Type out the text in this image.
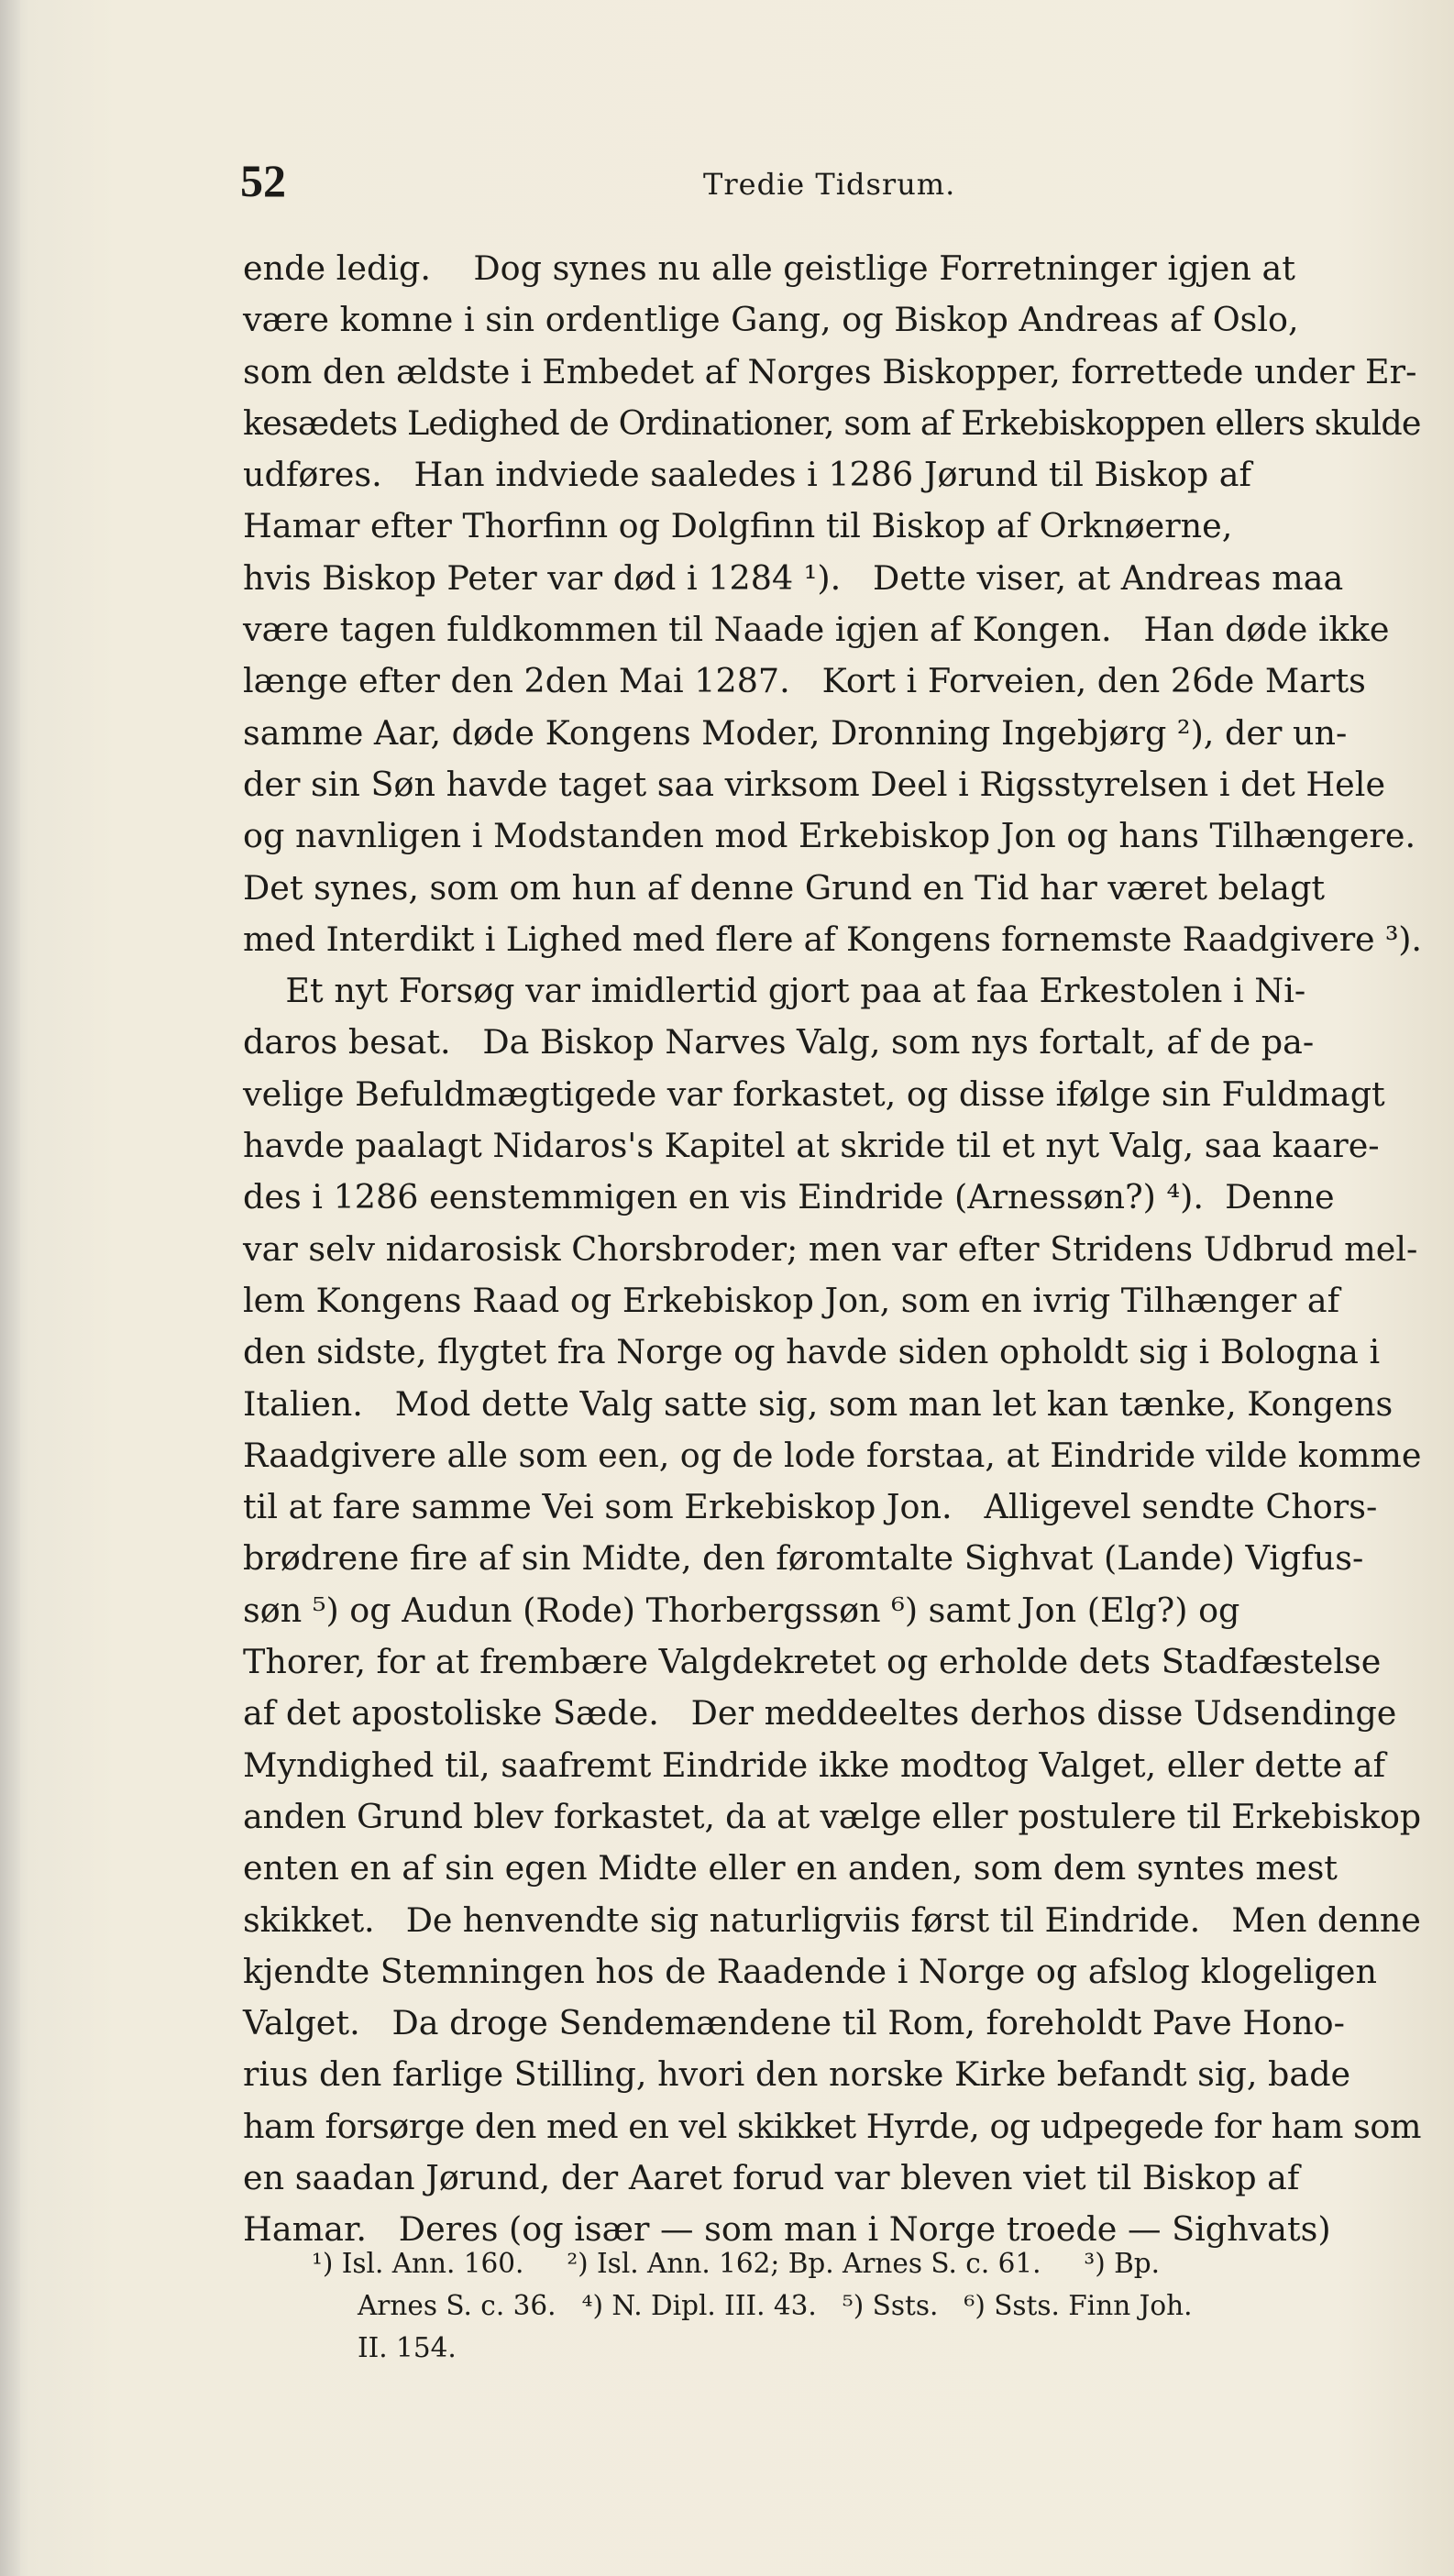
52	Tredie Tidsrum.
ende ledig.    Dog synes nu alle geistlige Forretninger igjen at
være komne i sin ordentlige Gang, og Biskop Andreas af Oslo,
som den ældste i Embedet af Norges Biskopper, forrettede under Er-
kesædets Ledighed de Ordinationer, som af Erkebiskoppen ellers skulde
udføres.   Han indviede saaledes i 1286 Jørund til Biskop af
Hamar efter Thorfinn og Dolgfinn til Biskop af Orknøerne,
hvis Biskop Peter var død i 1284 ¹).   Dette viser, at Andreas maa
være tagen fuldkommen til Naade igjen af Kongen.   Han døde ikke
længe efter den 2den Mai 1287.   Kort i Forveien, den 26de Marts
samme Aar, døde Kongens Moder, Dronning Ingebjørg ²), der un-
der sin Søn havde taget saa virksom Deel i Rigsstyrelsen i det Hele
og navnligen i Modstanden mod Erkebiskop Jon og hans Tilhængere.
Det synes, som om hun af denne Grund en Tid har været belagt
med Interdikt i Lighed med flere af Kongens fornemste Raadgivere ³).
Et nyt Forsøg var imidlertid gjort paa at faa Erkestolen i Ni-
daros besat.   Da Biskop Narves Valg, som nys fortalt, af de pa-
velige Befuldmægtigede var forkastet, og disse ifølge sin Fuldmagt
havde paalagt Nidaros's Kapitel at skride til et nyt Valg, saa kaare-
des i 1286 eenstemmigen en vis Eindride (Arnessøn?) ⁴).  Denne
var selv nidarosisk Chorsbroder; men var efter Stridens Udbrud mel-
lem Kongens Raad og Erkebiskop Jon, som en ivrig Tilhænger af
den sidste, flygtet fra Norge og havde siden opholdt sig i Bologna i
Italien.   Mod dette Valg satte sig, som man let kan tænke, Kongens
Raadgivere alle som een, og de lode forstaa, at Eindride vilde komme
til at fare samme Vei som Erkebiskop Jon.   Alligevel sendte Chors-
brødrene fire af sin Midte, den føromtalte Sighvat (Lande) Vigfus-
søn ⁵) og Audun (Rode) Thorbergssøn ⁶) samt Jon (Elg?) og
Thorer, for at frembære Valgdekretet og erholde dets Stadfæstelse
af det apostoliske Sæde.   Der meddeeltes derhos disse Udsendinge
Myndighed til, saafremt Eindride ikke modtog Valget, eller dette af
anden Grund blev forkastet, da at vælge eller postulere til Erkebiskop
enten en af sin egen Midte eller en anden, som dem syntes mest
skikket.   De henvendte sig naturligviis først til Eindride.   Men denne
kjendte Stemningen hos de Raadende i Norge og afslog klogeligen
Valget.   Da droge Sendemændene til Rom, foreholdt Pave Hono-
rius den farlige Stilling, hvori den norske Kirke befandt sig, bade
ham forsørge den med en vel skikket Hyrde, og udpegede for ham som
en saadan Jørund, der Aaret forud var bleven viet til Biskop af
Hamar.   Deres (og især — som man i Norge troede — Sighvats)
¹) Isl. Ann. 160.     ²) Isl. Ann. 162; Bp. Arnes S. c. 61.     ³) Bp.
Arnes S. c. 36.   ⁴) N. Dipl. III. 43.   ⁵) Ssts.   ⁶) Ssts. Finn Joh.
II. 154.
